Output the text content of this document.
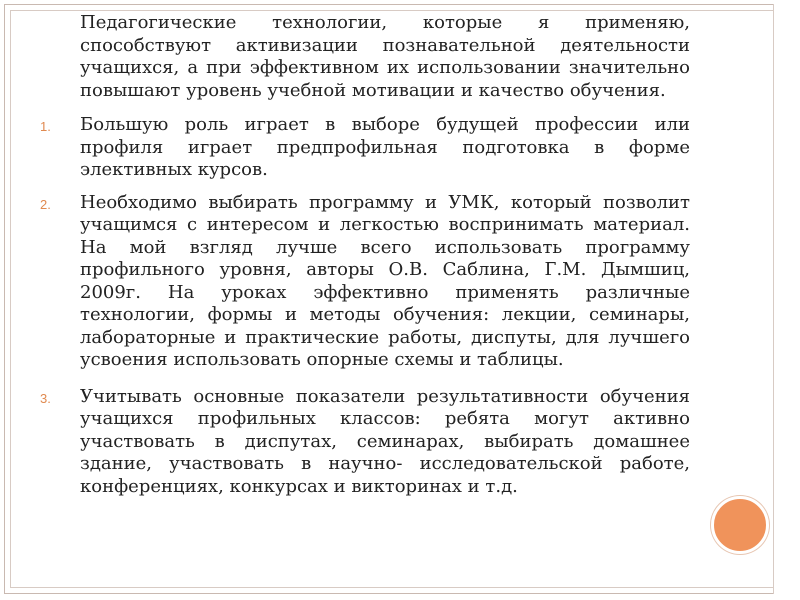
Педагогические технологии, которые я применяю, способствуют активизации познавательной деятельности учащихся, а при эффективном их использовании значительно повышают уровень учебной мотивации и качество обучения.

1. Большую роль играет в выборе будущей профессии или профиля играет предпрофильная подготовка в форме элективных курсов.
2. Необходимо выбирать программу и УМК, который позволит учащимся с интересом и легкостью воспринимать материал. На мой взгляд лучше всего использовать программу профильного уровня, авторы О.В. Саблина, Г.М. Дымшиц, 2009г. На уроках эффективно применять различные технологии, формы и методы обучения: лекции, семинары, лабораторные и практические работы, диспуты, для лучшего усвоения использовать опорные схемы и таблицы.
3. Учитывать основные показатели результативности обучения учащихся профильных классов: ребята могут активно участвовать в диспутах, семинарах, выбирать домашнее здание, участвовать в научно- исследовательской работе, конференциях, конкурсах и викторинах и т.д.
